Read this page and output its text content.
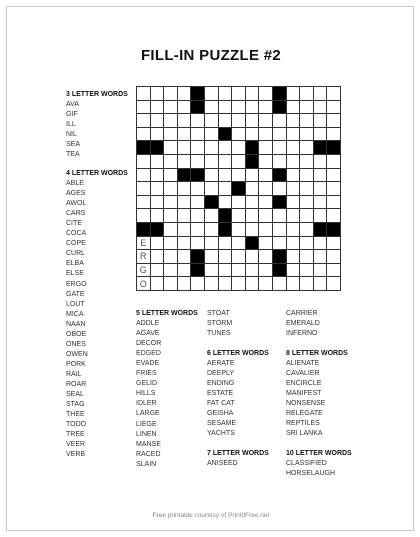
FILL-IN PUZZLE #2
3 LETTER WORDS
AVA
GIF
ILL
NIL
SEA
TEA
4 LETTER WORDS
ABLE
AGES
AWOL
CARS
CITE
COCA
COPE
CURL
ELBA
ELSE
ERGO
GATE
LOUT
MICA
NAAN
OBOE
ONES
OWEN
PORK
RAIL
ROAR
SEAL
STAG
THEE
TODO
TREE
VEER
VERB
5 LETTER WORDS
ADDLE
AGAVE
DECOR
EDGED
EVADE
FRIES
GELID
HILLS
IDLER
LARGE
LIEGE
LINEN
MANSE
RACED
SLAIN
STOAT
STORM
TUNES
6 LETTER WORDS
AERATE
DEEPLY
ENDING
ESTATE
FAT CAT
GEISHA
SESAME
YACHTS
7 LETTER WORDS
ANISEED
CARRIER
EMERALD
INFERNO
8 LETTER WORDS
ALIENATE
CAVALIER
ENCIRCLE
MANIFEST
NONSENSE
RELEGATE
REPTILES
SRI LANKA
10 LETTER WORDS
CLASSIFIED
HORSELAUGH
E
R
G
O
Free printable courtesy of PrintItFree.net
